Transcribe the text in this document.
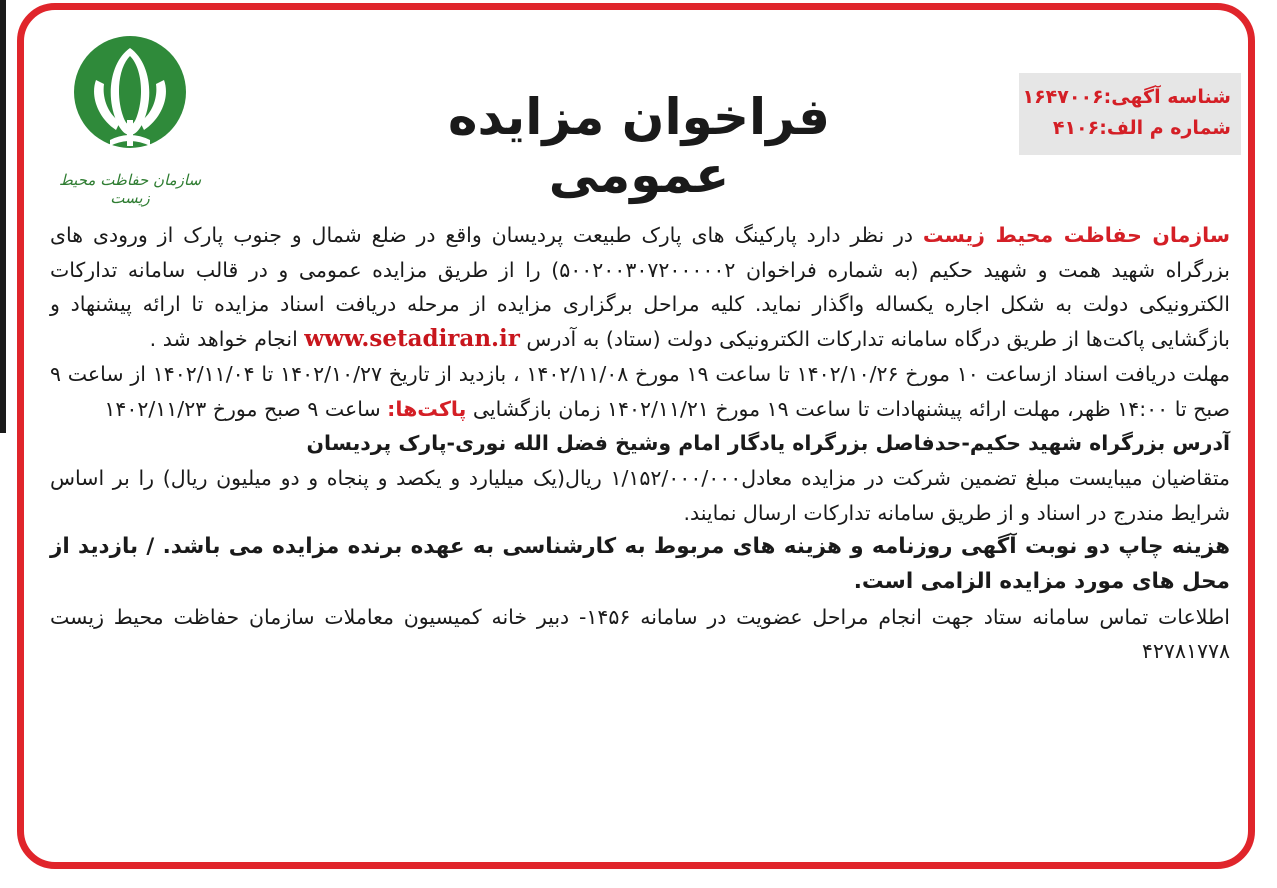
سازمان حفاظت محیط زیست
فراخوان مزایده عمومی
شناسه آگهی:۱۶۴۷۰۰۶
شماره م الف:۴۱۰۶

سازمان حفاظت محیط زیست در نظر دارد پارکینگ های پارک طبیعت پردیسان واقع در ضلع شمال و جنوب پارک از ورودی های بزرگراه شهید همت و شهید حکیم (به شماره فراخوان ۵۰۰۲۰۰۳۰۷۲۰۰۰۰۰۲) را از طریق مزایده عمومی و در قالب سامانه تدارکات الکترونیکی دولت به شکل اجاره یکساله واگذار نماید. کلیه مراحل برگزاری مزایده از مرحله دریافت اسناد مزایده تا ارائه پیشنهاد و بازگشایی پاکت‌ها از طریق درگاه سامانه تدارکات الکترونیکی دولت (ستاد) به آدرس www.setadiran.ir انجام خواهد شد .

مهلت دریافت اسناد ازساعت ۱۰ مورخ ۱۴۰۲/۱۰/۲۶ تا ساعت ۱۹ مورخ ۱۴۰۲/۱۱/۰۸ ، بازدید از تاریخ ۱۴۰۲/۱۰/۲۷ تا ۱۴۰۲/۱۱/۰۴ از ساعت ۹ صبح تا ۱۴:۰۰ ظهر، مهلت ارائه پیشنهادات تا ساعت ۱۹ مورخ ۱۴۰۲/۱۱/۲۱ زمان بازگشایی پاکت‌ها: ساعت ۹ صبح مورخ ۱۴۰۲/۱۱/۲۳

آدرس بزرگراه شهید حکیم-حدفاصل بزرگراه یادگار امام وشیخ فضل الله نوری-پارک پردیسان

متقاضیان میبایست مبلغ تضمین شرکت در مزایده معادل۱/۱۵۲/۰۰۰/۰۰۰ ریال(یک میلیارد و یکصد و پنجاه و دو میلیون ریال) را بر اساس شرایط مندرج در اسناد و از طریق سامانه تدارکات ارسال نمایند.

هزینه چاپ دو نوبت آگهی روزنامه و هزینه های مربوط به کارشناسی به عهده برنده مزایده می باشد. / بازدید از محل های مورد مزایده الزامی است.

اطلاعات تماس سامانه ستاد جهت انجام مراحل عضویت در سامانه ۱۴۵۶- دبیر خانه کمیسیون معاملات سازمان حفاظت محیط زیست ۴۲۷۸۱۷۷۸
